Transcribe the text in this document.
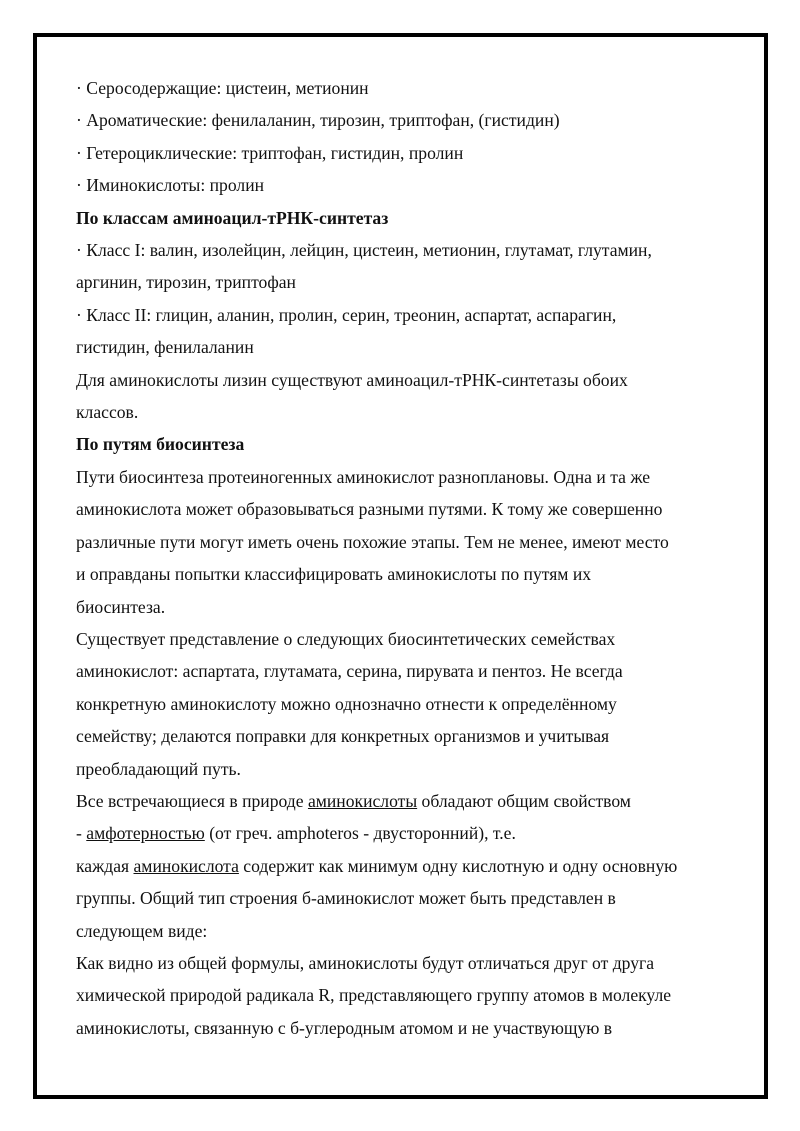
· Серосодержащие: цистеин, метионин
· Ароматические: фенилаланин, тирозин, триптофан, (гистидин)
· Гетероциклические: триптофан, гистидин, пролин
· Иминокислоты: пролин
По классам аминоацил-тРНК-синтетаз
· Класс I: валин, изолейцин, лейцин, цистеин, метионин, глутамат, глутамин,
аргинин, тирозин, триптофан
· Класс II: глицин, аланин, пролин, серин, треонин, аспартат, аспарагин,
гистидин, фенилаланин
Для аминокислоты лизин существуют аминоацил-тРНК-синтетазы обоих
классов.
По путям биосинтеза
Пути биосинтеза протеиногенных аминокислот разноплановы. Одна и та же
аминокислота может образовываться разными путями. К тому же совершенно
различные пути могут иметь очень похожие этапы. Тем не менее, имеют место
и оправданы попытки классифицировать аминокислоты по путям их
биосинтеза.
Существует представление о следующих биосинтетических семействах
аминокислот: аспартата, глутамата, серина, пирувата и пентоз. Не всегда
конкретную аминокислоту можно однозначно отнести к определённому
семейству; делаются поправки для конкретных организмов и учитывая
преобладающий путь.

Все встречающиеся в природе аминокислоты обладают общим свойством
- амфотерностью (от греч. amphoteros - двусторонний), т.е.
каждая аминокислота содержит как минимум одну кислотную и одну основную

группы. Общий тип строения б-аминокислот может быть представлен в
следующем виде:
Как видно из общей формулы, аминокислоты будут отличаться друг от друга
химической природой радикала R, представляющего группу атомов в молекуле
аминокислоты, связанную с б-углеродным атомом и не участвующую в
